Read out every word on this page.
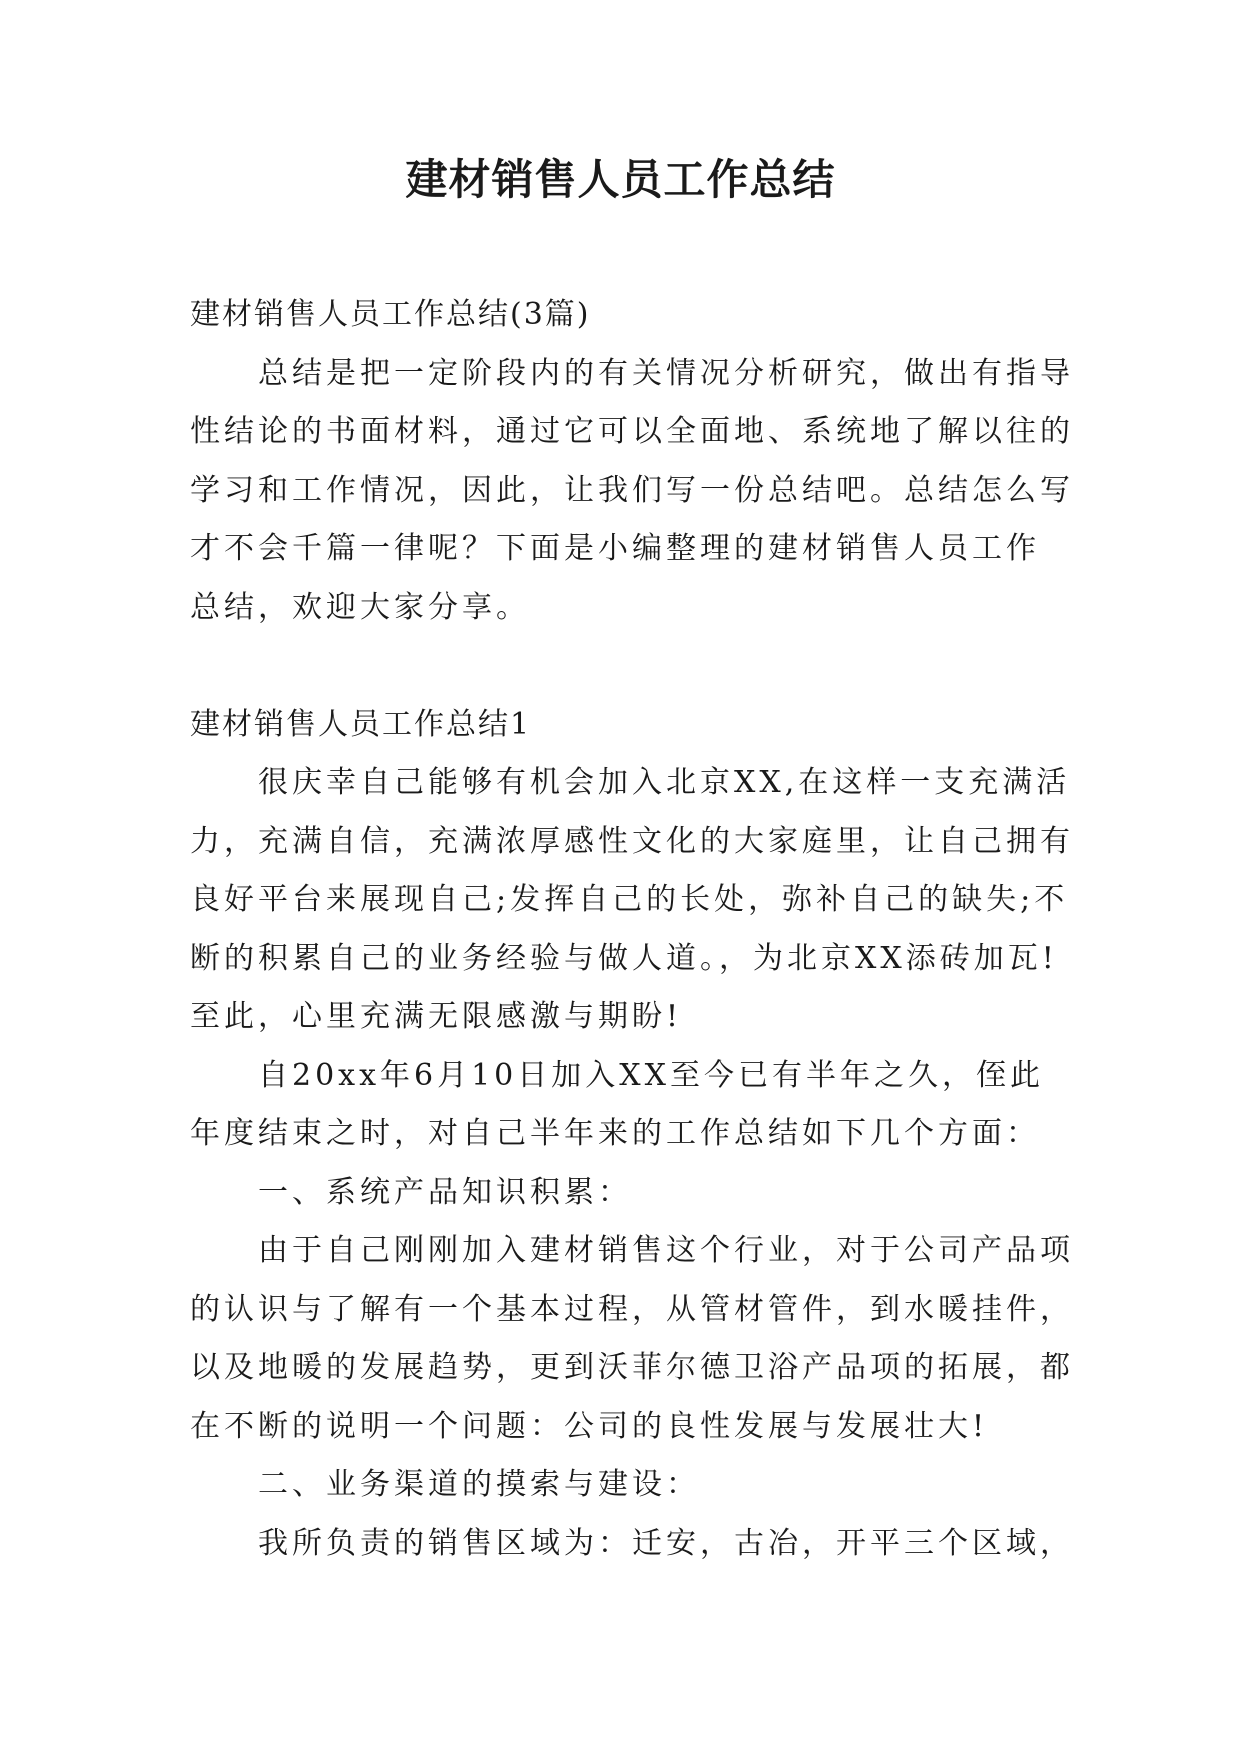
建材销售人员工作总结

建材销售人员工作总结(3篇)

总结是把一定阶段内的有关情况分析研究，做出有指导

性结论的书面材料，通过它可以全面地、系统地了解以往的

学习和工作情况，因此，让我们写一份总结吧。总结怎么写

才不会千篇一律呢？下面是小编整理的建材销售人员工作

总结，欢迎大家分享。

建材销售人员工作总结1

很庆幸自己能够有机会加入北京XX,在这样一支充满活

力，充满自信，充满浓厚感性文化的大家庭里，让自己拥有

良好平台来展现自己;发挥自己的长处，弥补自己的缺失;不

断的积累自己的业务经验与做人道。，为北京XX添砖加瓦!

至此，心里充满无限感激与期盼!

自20xx年6月10日加入XX至今已有半年之久，侄此

年度结束之时，对自己半年来的工作总结如下几个方面：

一、系统产品知识积累：

由于自己刚刚加入建材销售这个行业，对于公司产品项

的认识与了解有一个基本过程，从管材管件，到水暖挂件，

以及地暖的发展趋势，更到沃菲尔德卫浴产品项的拓展，都

在不断的说明一个问题：公司的良性发展与发展壮大!

二、业务渠道的摸索与建设：

我所负责的销售区域为：迁安，古冶，开平三个区域，
